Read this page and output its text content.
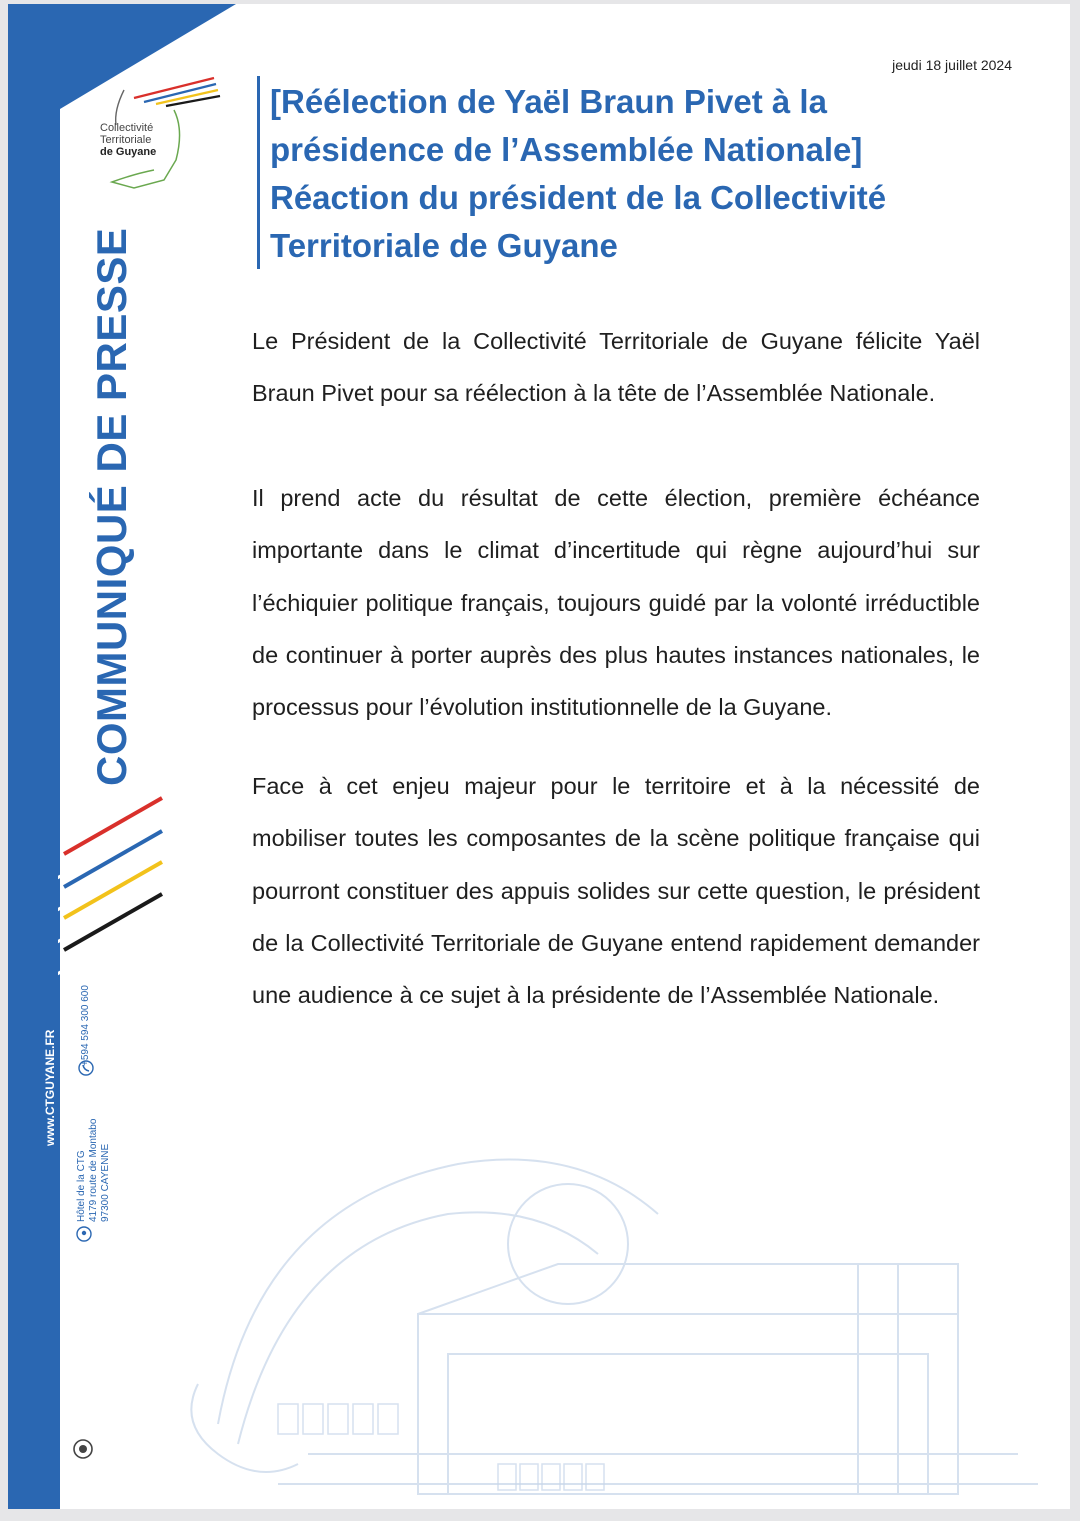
Collectivité
Territoriale
de Guyane
COMMUNIQUÉ DE PRESSE
www.CTGUYANE.FR
+594 594 300 600
Hôtel de la CTG 4179 route de Montabo 97300 CAYENNE
jeudi 18 juillet 2024
[Réélection de Yaël Braun Pivet à la
présidence de l’Assemblée Nationale]
Réaction du président de la Collectivité
Territoriale de Guyane

Le Président de la Collectivité Territoriale de Guyane félicite Yaël Braun Pivet pour sa réélection à la tête de l’Assemblée Nationale.

Il prend acte du résultat de cette élection, première échéance importante dans le climat d’incertitude qui règne aujourd’hui sur l’échiquier politique français, toujours guidé par la volonté irréductible de continuer à porter auprès des plus hautes instances nationales, le processus pour l’évolution institutionnelle de la Guyane.

Face à cet enjeu majeur pour le territoire et à la nécessité de mobiliser toutes les composantes de la scène politique française qui pourront constituer des appuis solides sur cette question, le président de la Collectivité Territoriale de Guyane entend rapidement demander une audience à ce sujet à la présidente de l’Assemblée Nationale.
